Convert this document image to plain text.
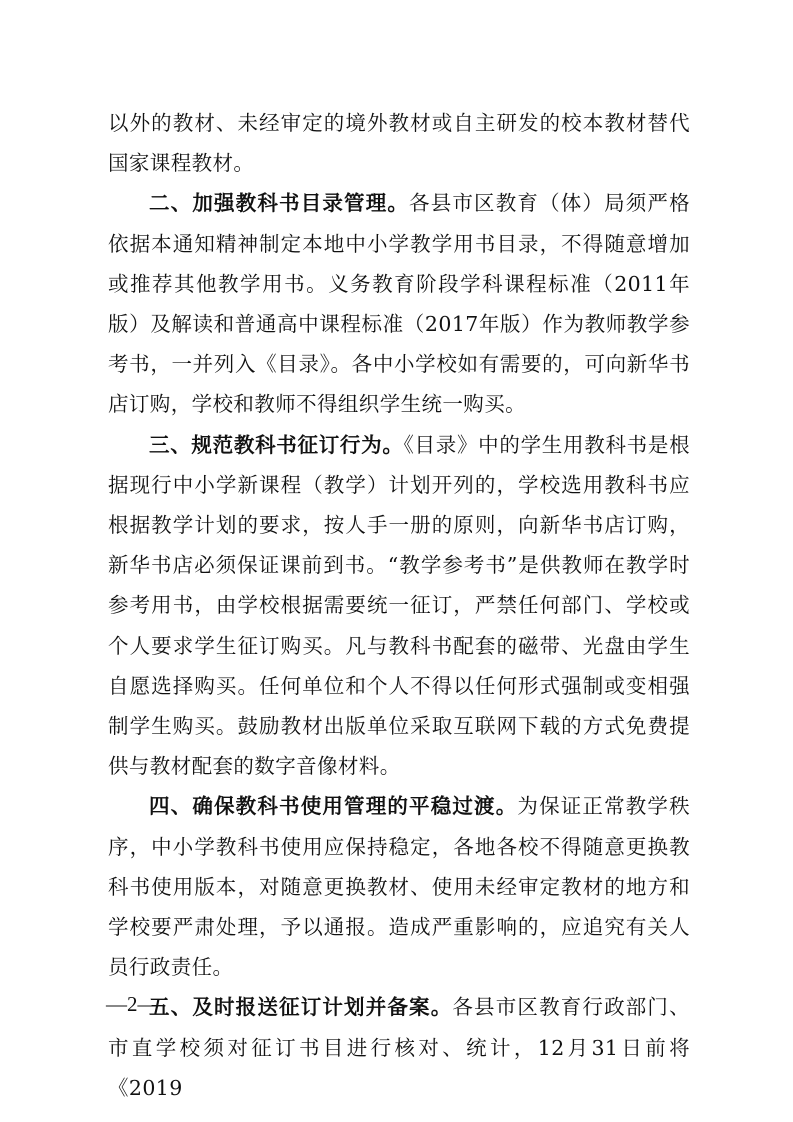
以外的教材、未经审定的境外教材或自主研发的校本教材替代国家课程教材。

二、加强教科书目录管理。各县市区教育（体）局须严格依据本通知精神制定本地中小学教学用书目录，不得随意增加或推荐其他教学用书。义务教育阶段学科课程标准（2011年版）及解读和普通高中课程标准（2017年版）作为教师教学参考书，一并列入《目录》。各中小学校如有需要的，可向新华书店订购，学校和教师不得组织学生统一购买。

三、规范教科书征订行为。《目录》中的学生用教科书是根据现行中小学新课程（教学）计划开列的，学校选用教科书应根据教学计划的要求，按人手一册的原则，向新华书店订购，新华书店必须保证课前到书。“教学参考书”是供教师在教学时参考用书，由学校根据需要统一征订，严禁任何部门、学校或个人要求学生征订购买。凡与教科书配套的磁带、光盘由学生自愿选择购买。任何单位和个人不得以任何形式强制或变相强制学生购买。鼓励教材出版单位采取互联网下载的方式免费提供与教材配套的数字音像材料。

四、确保教科书使用管理的平稳过渡。为保证正常教学秩序，中小学教科书使用应保持稳定，各地各校不得随意更换教科书使用版本，对随意更换教材、使用未经审定教材的地方和学校要严肃处理，予以通报。造成严重影响的，应追究有关人员行政责任。

五、及时报送征订计划并备案。各县市区教育行政部门、市直学校须对征订书目进行核对、统计，12月31日前将《2019

—2—
